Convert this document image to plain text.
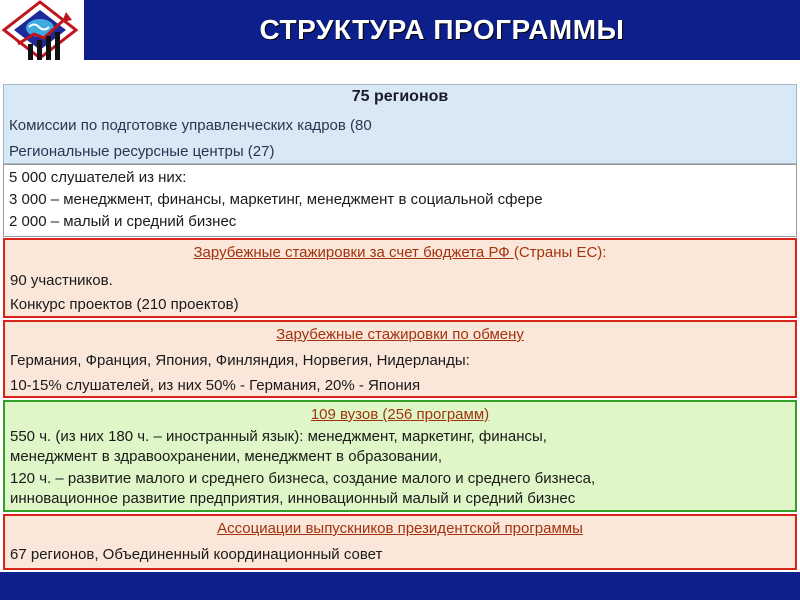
СТРУКТУРА ПРОГРАММЫ
75 регионов
Комиссии по подготовке управленческих кадров (80
Региональные ресурсные центры (27)
5 000 слушателей из них:
3 000 – менеджмент, финансы, маркетинг, менеджмент в социальной сфере
2 000 – малый и средний бизнес
Зарубежные стажировки за счет бюджета РФ (Страны ЕС):
90 участников.
Конкурс проектов (210 проектов)
Зарубежные стажировки по обмену
Германия, Франция, Япония, Финляндия, Норвегия, Нидерланды:
10-15% слушателей, из них 50% - Германия, 20% - Япония
109 вузов (256 программ)
550 ч. (из них 180 ч. – иностранный язык): менеджмент, маркетинг, финансы,
менеджмент в здравоохранении, менеджмент в образовании,
120 ч. – развитие малого и среднего бизнеса, создание малого и среднего бизнеса,
инновационное развитие предприятия, инновационный малый и средний бизнес
Ассоциации выпускников президентской программы
67 регионов, Объединенный координационный совет
